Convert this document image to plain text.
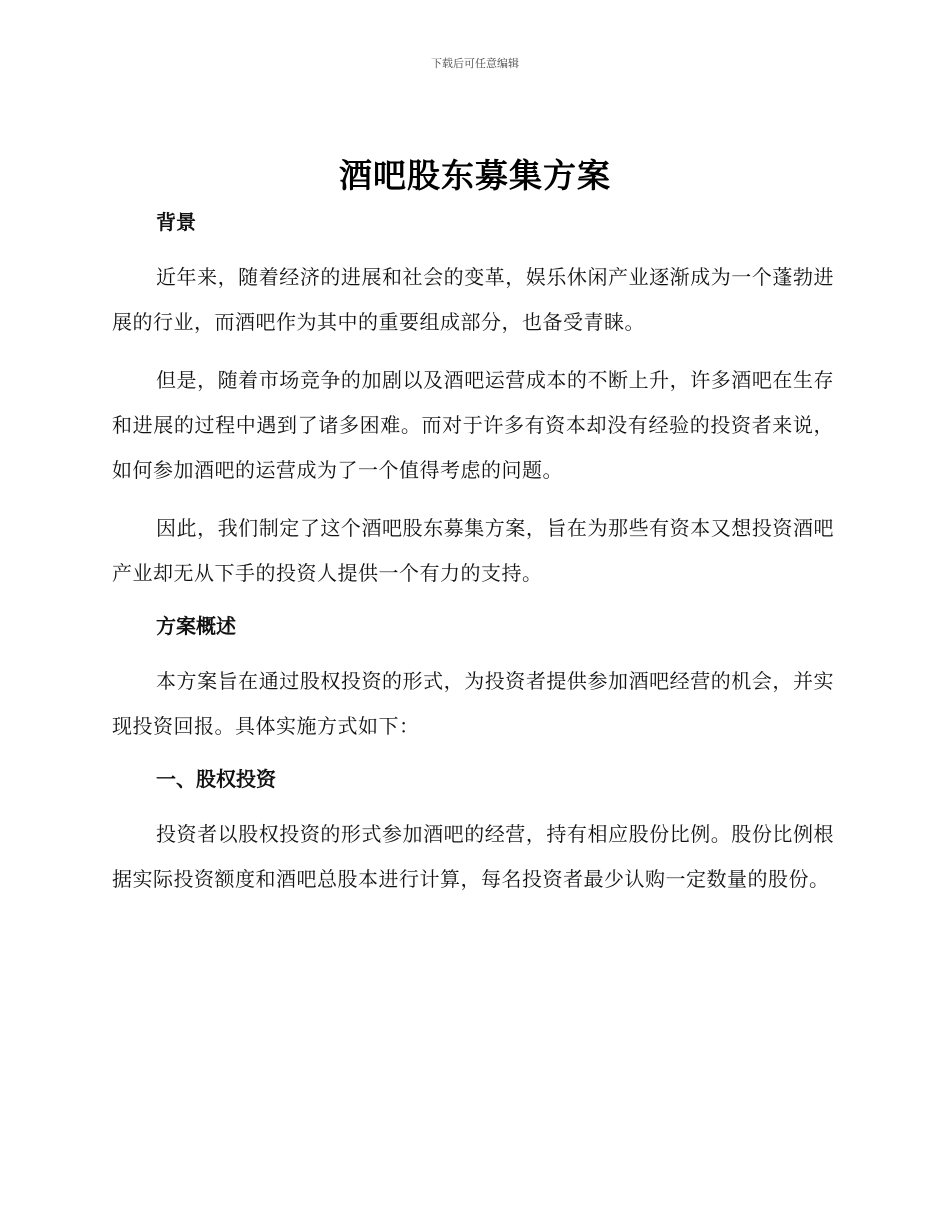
下载后可任意编辑
酒吧股东募集方案

背景

近年来，随着经济的进展和社会的变革，娱乐休闲产业逐渐成为一个蓬勃进展的行业，而酒吧作为其中的重要组成部分，也备受青睐。

但是，随着市场竞争的加剧以及酒吧运营成本的不断上升，许多酒吧在生存和进展的过程中遇到了诸多困难。而对于许多有资本却没有经验的投资者来说，如何参加酒吧的运营成为了一个值得考虑的问题。

因此，我们制定了这个酒吧股东募集方案，旨在为那些有资本又想投资酒吧产业却无从下手的投资人提供一个有力的支持。

方案概述

本方案旨在通过股权投资的形式，为投资者提供参加酒吧经营的机会，并实现投资回报。具体实施方式如下：

一、股权投资

投资者以股权投资的形式参加酒吧的经营，持有相应股份比例。股份比例根据实际投资额度和酒吧总股本进行计算，每名投资者最少认购一定数量的股份。
